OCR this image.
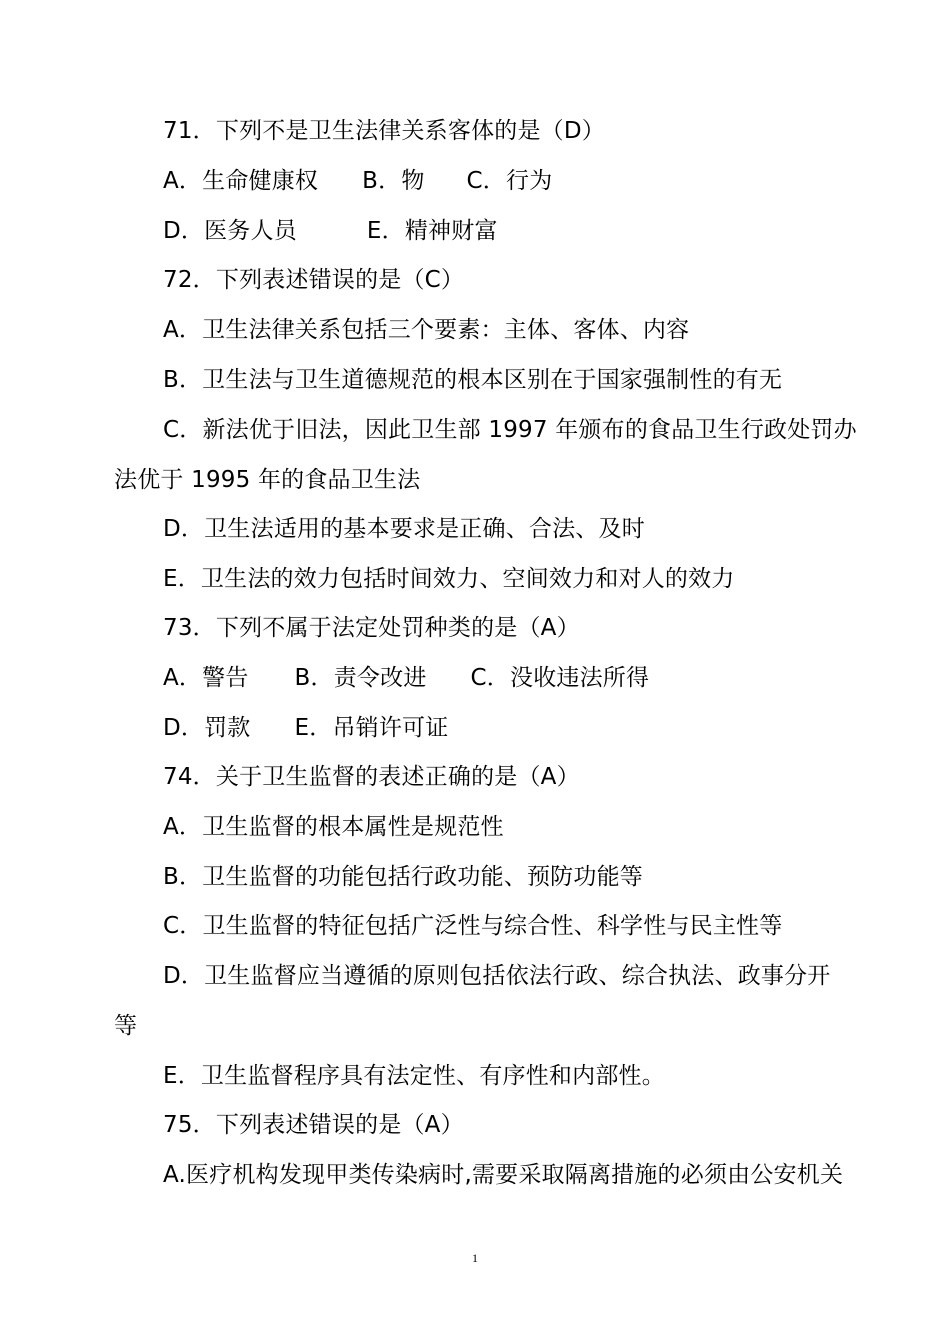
71．下列不是卫生法律关系客体的是（D）
A．生命健康权 B．物 C．行为
D．医务人员	E．精神财富
72．下列表述错误的是（C）
A．卫生法律关系包括三个要素：主体、客体、内容
B．卫生法与卫生道德规范的根本区别在于国家强制性的有无
C．新法优于旧法，因此卫生部 1997 年颁布的食品卫生行政处罚办
法优于 1995 年的食品卫生法
D．卫生法适用的基本要求是正确、合法、及时
E．卫生法的效力包括时间效力、空间效力和对人的效力
73．下列不属于法定处罚种类的是（A）
A．警告 B．责令改进 C．没收违法所得
D．罚款 E．吊销许可证
74．关于卫生监督的表述正确的是（A）
A．卫生监督的根本属性是规范性
B．卫生监督的功能包括行政功能、预防功能等
C．卫生监督的特征包括广泛性与综合性、科学性与民主性等
D．卫生监督应当遵循的原则包括依法行政、综合执法、政事分开
等
E．卫生监督程序具有法定性、有序性和内部性。
75．下列表述错误的是（A）
A.医疗机构发现甲类传染病时,需要采取隔离措施的必须由公安机关
1
